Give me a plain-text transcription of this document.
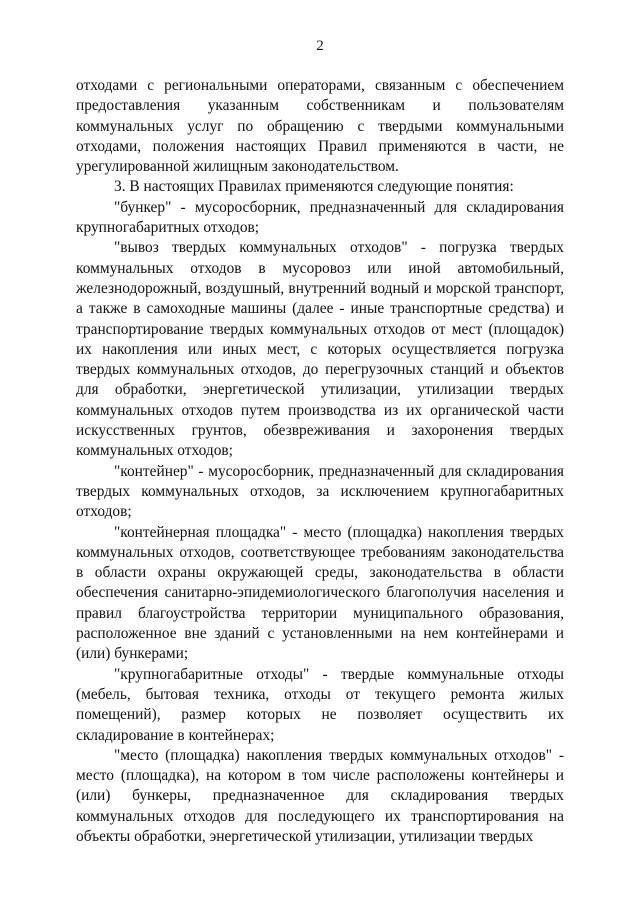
2

отходами с региональными операторами, связанным с обеспечением предоставления указанным собственникам и пользователям коммунальных услуг по обращению с твердыми коммунальными отходами, положения настоящих Правил применяются в части, не урегулированной жилищным законодательством.

3. В настоящих Правилах применяются следующие понятия:

"бункер" - мусоросборник, предназначенный для складирования крупногабаритных отходов;

"вывоз твердых коммунальных отходов" - погрузка твердых коммунальных отходов в мусоровоз или иной автомобильный, железнодорожный, воздушный, внутренний водный и морской транспорт, а также в самоходные машины (далее - иные транспортные средства) и транспортирование твердых коммунальных отходов от мест (площадок) их накопления или иных мест, с которых осуществляется погрузка твердых коммунальных отходов, до перегрузочных станций и объектов для обработки, энергетической утилизации, утилизации твердых коммунальных отходов путем производства из их органической части искусственных грунтов, обезвреживания и захоронения твердых коммунальных отходов;

"контейнер" - мусоросборник, предназначенный для складирования твердых коммунальных отходов, за исключением крупногабаритных отходов;

"контейнерная площадка" - место (площадка) накопления твердых коммунальных отходов, соответствующее требованиям законодательства в области охраны окружающей среды, законодательства в области обеспечения санитарно-эпидемиологического благополучия населения и правил благоустройства территории муниципального образования, расположенное вне зданий с установленными на нем контейнерами и (или) бункерами;

"крупногабаритные отходы" - твердые коммунальные отходы (мебель, бытовая техника, отходы от текущего ремонта жилых помещений), размер которых не позволяет осуществить их складирование в контейнерах;

"место (площадка) накопления твердых коммунальных отходов" - место (площадка), на котором в том числе расположены контейнеры и (или) бункеры, предназначенное для складирования твердых коммунальных отходов для последующего их транспортирования на объекты обработки, энергетической утилизации, утилизации твердых
